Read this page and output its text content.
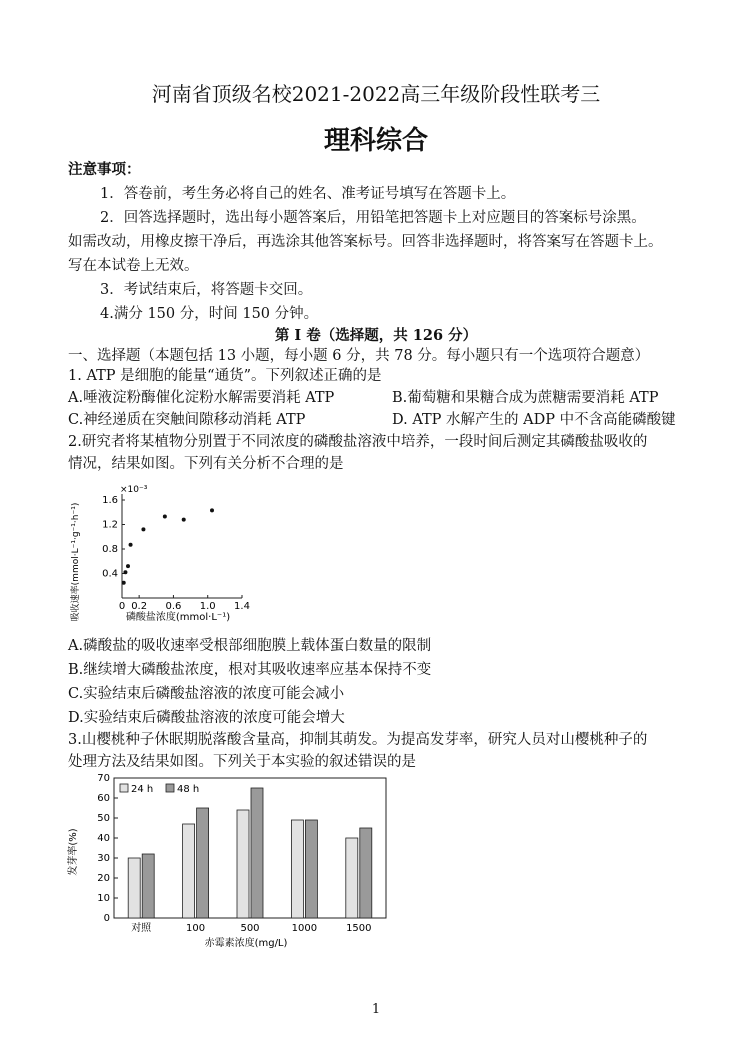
河南省顶级名校2021-2022高三年级阶段性联考三
理科综合
注意事项：
1．答卷前，考生务必将自己的姓名、准考证号填写在答题卡上。
2．回答选择题时，选出每小题答案后，用铅笔把答题卡上对应题目的答案标号涂黑。
如需改动，用橡皮擦干净后，再选涂其他答案标号。回答非选择题时，将答案写在答题卡上。
写在本试卷上无效。
3．考试结束后，将答题卡交回。
4.满分 150 分，时间 150 分钟。
第 I 卷（选择题，共 126 分）
一、选择题（本题包括 13 小题，每小题 6 分，共 78 分。每小题只有一个选项符合题意）
1. ATP 是细胞的能量“通货”。下列叙述正确的是
A.唾液淀粉酶催化淀粉水解需要消耗 ATP	B.葡萄糖和果糖合成为蔗糖需要消耗 ATP
C.神经递质在突触间隙移动消耗 ATP	D. ATP 水解产生的 ADP 中不含高能磷酸键
2.研究者将某植物分别置于不同浓度的磷酸盐溶液中培养，一段时间后测定其磷酸盐吸收的
情况，结果如图。下列有关分析不合理的是
0.4
0.8
1.2
1.6
0 0.2 0.6 1.0 1.4
×10⁻³
吸收速率(mmol·L⁻¹·g⁻¹·h⁻¹)	磷酸盐浓度(mmol·L⁻¹)
A.磷酸盐的吸收速率受根部细胞膜上载体蛋白数量的限制
B.继续增大磷酸盐浓度，根对其吸收速率应基本保持不变
C.实验结束后磷酸盐溶液的浓度可能会减小
D.实验结束后磷酸盐溶液的浓度可能会增大
3.山樱桃种子休眠期脱落酸含量高，抑制其萌发。为提高发芽率，研究人员对山樱桃种子的
处理方法及结果如图。下列关于本实验的叙述错误的是
0
10
20
30
40
50
60
70
对照	100	500	1000	1500
24 h 48 h
发芽率(%)
赤霉素浓度(mg/L)
1
